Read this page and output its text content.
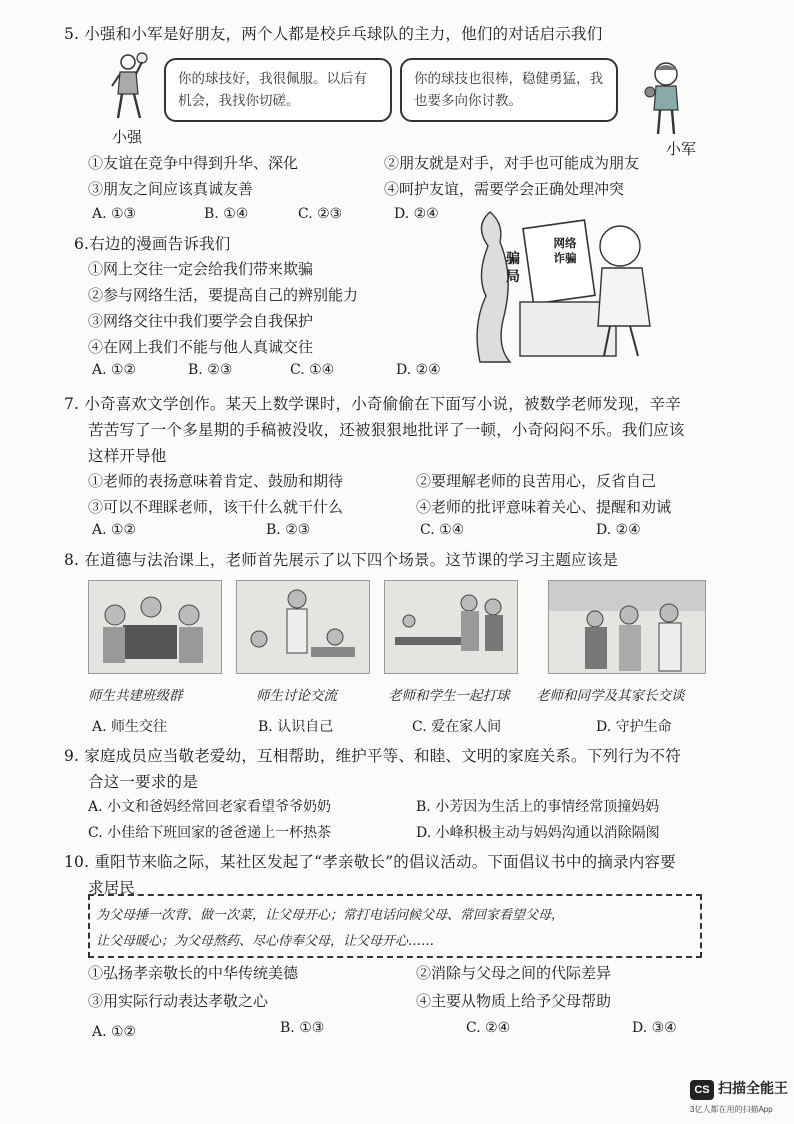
5. 小强和小军是好朋友，两个人都是校乒乓球队的主力，他们的对话启示我们
你的球技好，我很佩服。以后有机会，我找你切磋。
你的球技也很棒，稳健勇猛，我也要多向你讨教。
小强
小军
①友谊在竞争中得到升华、深化	②朋友就是对手，对手也可能成为朋友
③朋友之间应该真诚友善	④呵护友谊，需要学会正确处理冲突
A. ①③	B. ①④	C. ②③	D. ②④
6.右边的漫画告诉我们
①网上交往一定会给我们带来欺骗
②参与网络生活，要提高自己的辨别能力
③网络交往中我们要学会自我保护
④在网上我们不能与他人真诚交往
A. ①②	B. ②③	C. ①④	D. ②④
骗局
网络诈骗
7. 小奇喜欢文学创作。某天上数学课时，小奇偷偷在下面写小说，被数学老师发现，辛辛
苦苦写了一个多星期的手稿被没收，还被狠狠地批评了一顿，小奇闷闷不乐。我们应该
这样开导他
①老师的表扬意味着肯定、鼓励和期待	②要理解老师的良苦用心，反省自己
③可以不理睬老师，该干什么就干什么	④老师的批评意味着关心、提醒和劝诫
A. ①②	B. ②③	C. ①④	D. ②④
8. 在道德与法治课上，老师首先展示了以下四个场景。这节课的学习主题应该是
师生共建班级群	师生讨论交流	老师和学生一起打球 老师和同学及其家长交谈
A. 师生交往	B. 认识自己	C. 爱在家人间	D. 守护生命
9. 家庭成员应当敬老爱幼，互相帮助，维护平等、和睦、文明的家庭关系。下列行为不符
合这一要求的是
A. 小文和爸妈经常回老家看望爷爷奶奶	B. 小芳因为生活上的事情经常顶撞妈妈
C. 小佳给下班回家的爸爸递上一杯热茶	D. 小峰积极主动与妈妈沟通以消除隔阂
10. 重阳节来临之际，某社区发起了“孝亲敬长”的倡议活动。下面倡议书中的摘录内容要
求居民
为父母捶一次背、做一次菜，让父母开心；常打电话问候父母、常回家看望父母，
让父母暖心；为父母熬药、尽心侍奉父母，让父母开心……
①弘扬孝亲敬长的中华传统美德	②消除与父母之间的代际差异
③用实际行动表达孝敬之心	④主要从物质上给予父母帮助
A. ①②	B. ①③	C. ②④	D. ③④
CS 扫描全能王
3亿人都在用的扫描App
